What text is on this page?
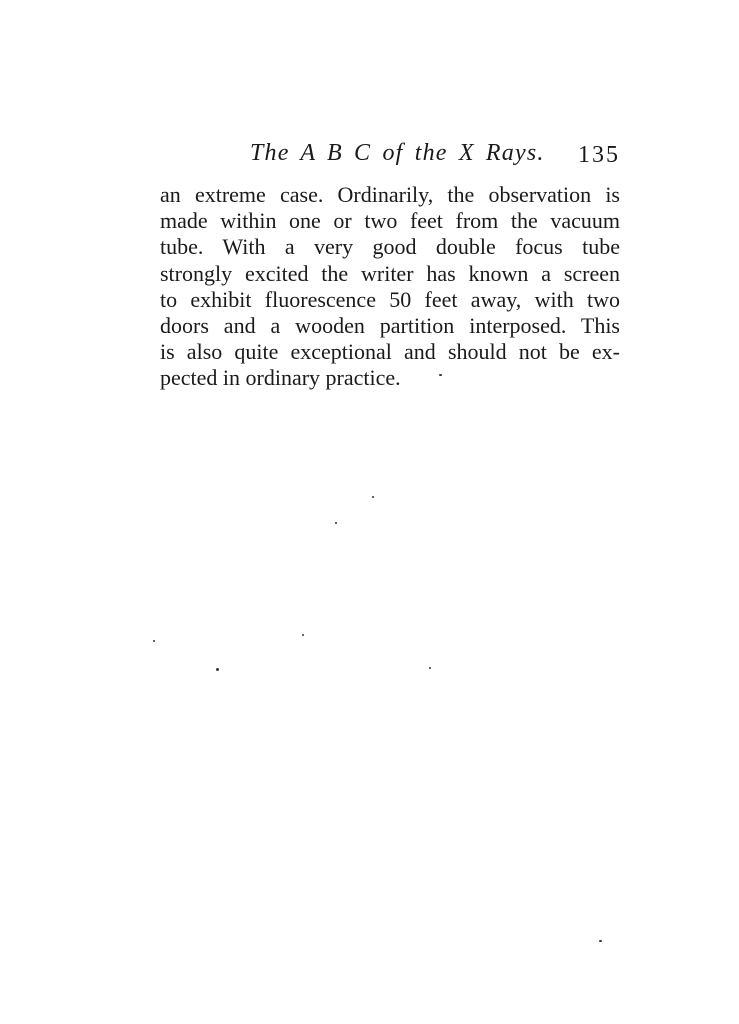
The A B C of the X Rays. 135

an extreme case. Ordinarily, the observation is
made within one or two feet from the vacuum
tube. With a very good double focus tube
strongly excited the writer has known a screen
to exhibit fluorescence 50 feet away, with two
doors and a wooden partition interposed. This
is also quite exceptional and should not be ex-
pected in ordinary practice.
